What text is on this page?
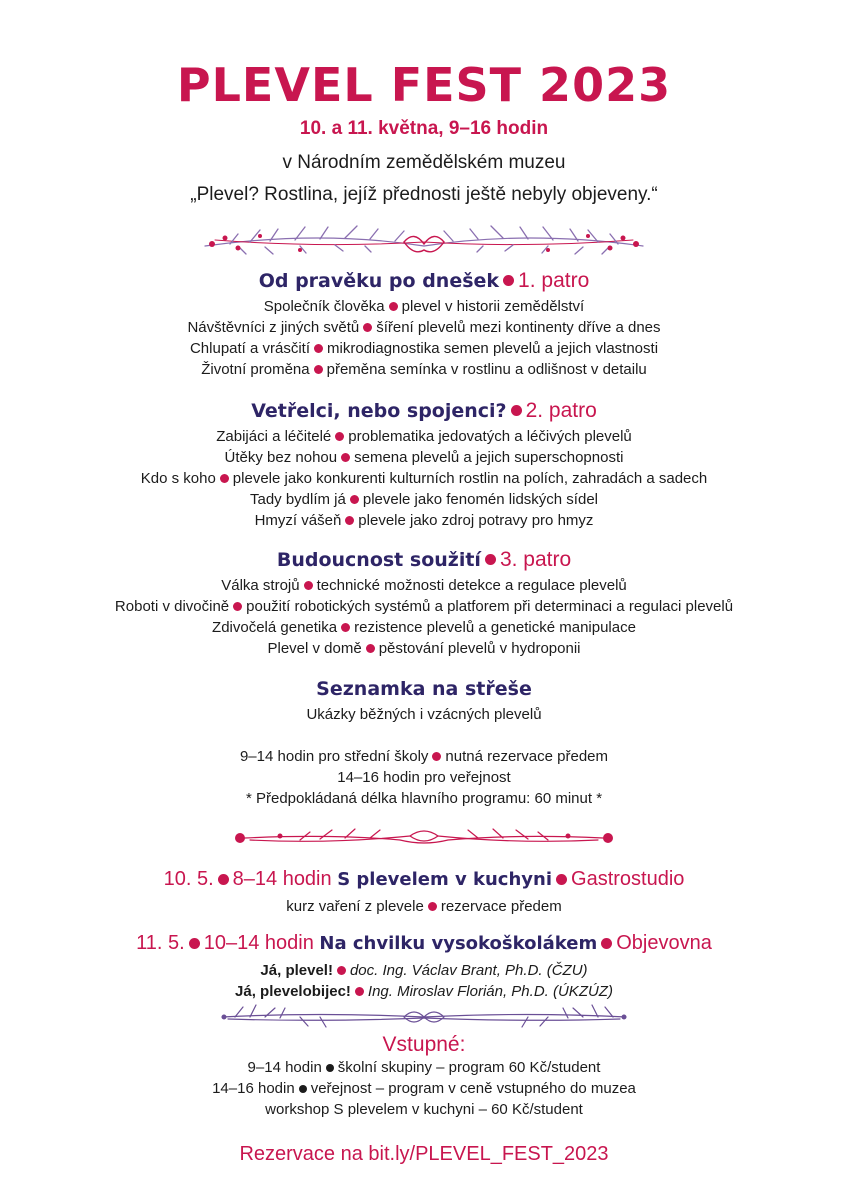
PLEVEL FEST 2023
10. a 11. května, 9–16 hodin
v Národním zemědělském muzeu
„Plevel? Rostlina, jejíž přednosti ještě nebyly objeveny.“
Od pravěku po dnešek 1. patro
Společník člověka plevel v historii zemědělství
Návštěvníci z jiných světů šíření plevelů mezi kontinenty dříve a dnes
Chlupatí a vrásčití mikrodiagnostika semen plevelů a jejich vlastnosti
Životní proměna přeměna semínka v rostlinu a odlišnost v detailu
Vetřelci, nebo spojenci? 2. patro
Zabijáci a léčitelé problematika jedovatých a léčivých plevelů
Útěky bez nohou semena plevelů a jejich superschopnosti
Kdo s koho plevele jako konkurenti kulturních rostlin na polích, zahradách a sadech
Tady bydlím já plevele jako fenomén lidských sídel
Hmyzí vášeň plevele jako zdroj potravy pro hmyz
Budoucnost soužití 3. patro
Válka strojů technické možnosti detekce a regulace plevelů
Roboti v divočině použití robotických systémů a platforem při determinaci a regulaci plevelů
Zdivočelá genetika rezistence plevelů a genetické manipulace
Plevel v domě pěstování plevelů v hydroponii
Seznamka na střeše
Ukázky běžných i vzácných plevelů
9–14 hodin pro střední školy nutná rezervace předem
14–16 hodin pro veřejnost
* Předpokládaná délka hlavního programu: 60 minut *
10. 5. 8–14 hodin S plevelem v kuchyni Gastrostudio
kurz vaření z plevele rezervace předem
11. 5. 10–14 hodin Na chvilku vysokoškolákem Objevovna
Já, plevel! doc. Ing. Václav Brant, Ph.D. (ČZU)
Já, plevelobijec! Ing. Miroslav Florián, Ph.D. (ÚKZÚZ)
Vstupné:
9–14 hodin školní skupiny – program 60 Kč/student
14–16 hodin veřejnost – program v ceně vstupného do muzea
workshop S plevelem v kuchyni – 60 Kč/student
Rezervace na bit.ly/PLEVEL_FEST_2023
